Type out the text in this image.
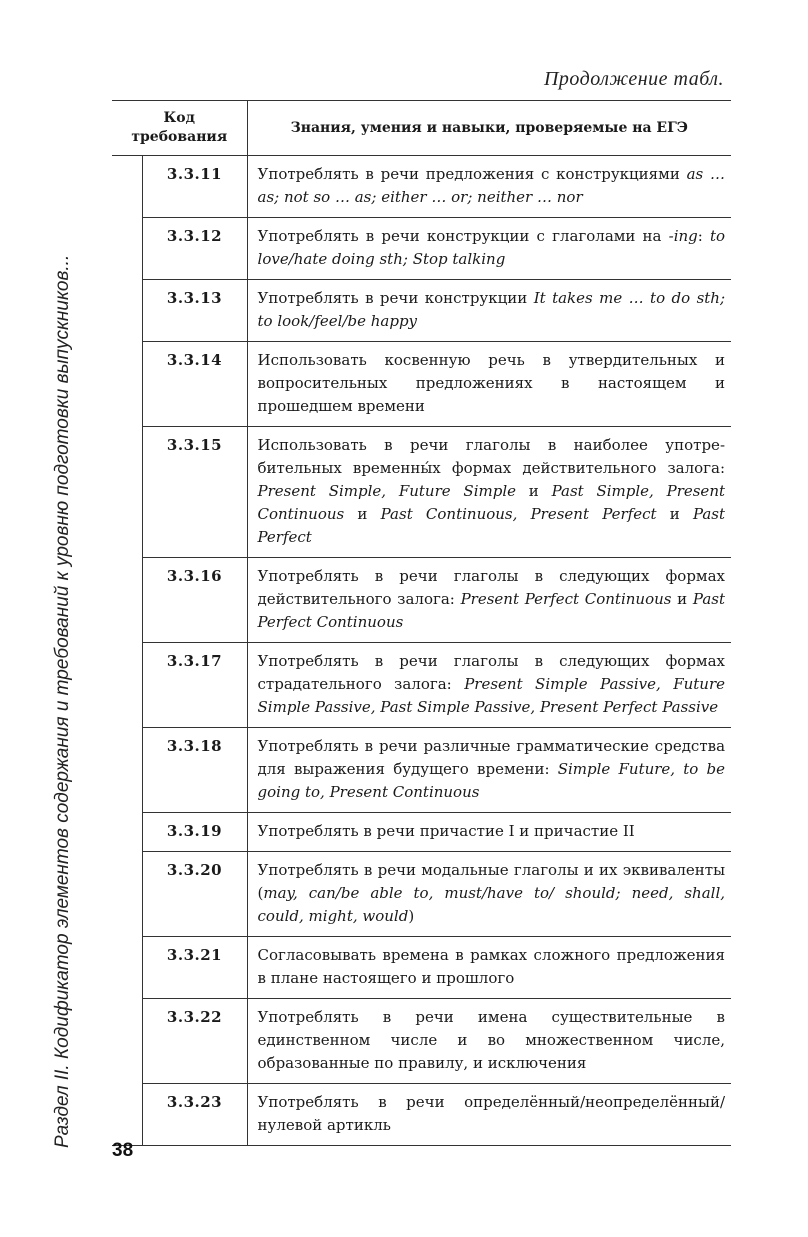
Продолжение табл.
Раздел II. Кодификатор элементов содержания и требований к уровню подготовки выпускников...
Код
требования		Знания, умения и навыки, проверяемые на ЕГЭ
	3.3.11	Употреблять в речи предложения с конструкциями as … as; not so … as; either … or; neither … nor
	3.3.12	Употреблять в речи конструкции с глаголами на -ing: to love/hate doing sth; Stop talking
	3.3.13	Употреблять в речи конструкции It takes me … to do sth; to look/feel/be happy
	3.3.14	Использовать косвенную речь в утвердительных и вопросительных предложениях в настоящем и прошедшем времени
	3.3.15	Использовать в речи глаголы в наиболее употребительных временны́х формах действительного залога: Present Simple, Future Simple и Past Simple, Present Continuous и Past Continuous, Present Perfect и Past Perfect
	3.3.16	Употреблять в речи глаголы в следующих формах действительного залога: Present Perfect Continuous и Past Perfect Continuous
	3.3.17	Употреблять в речи глаголы в следующих формах страдательного залога: Present Simple Passive, Future Simple Passive, Past Simple Passive, Present Perfect Passive
	3.3.18	Употреблять в речи различные грамматические средства для выражения будущего времени: Simple Future, to be going to, Present Continuous
	3.3.19	Употреблять в речи причастие I и причастие II
	3.3.20	Употреблять в речи модальные глаголы и их эквиваленты (may, can/be able to, must/have to/ should; need, shall, could, might, would)
	3.3.21	Согласовывать времена в рамках сложного предложения в плане настоящего и прошлого
	3.3.22	Употреблять в речи имена существительные в единственном числе и во множественном числе, образованные по правилу, и исключения
	3.3.23	Употреблять в речи определённый/неопределённый/нулевой артикль
38
